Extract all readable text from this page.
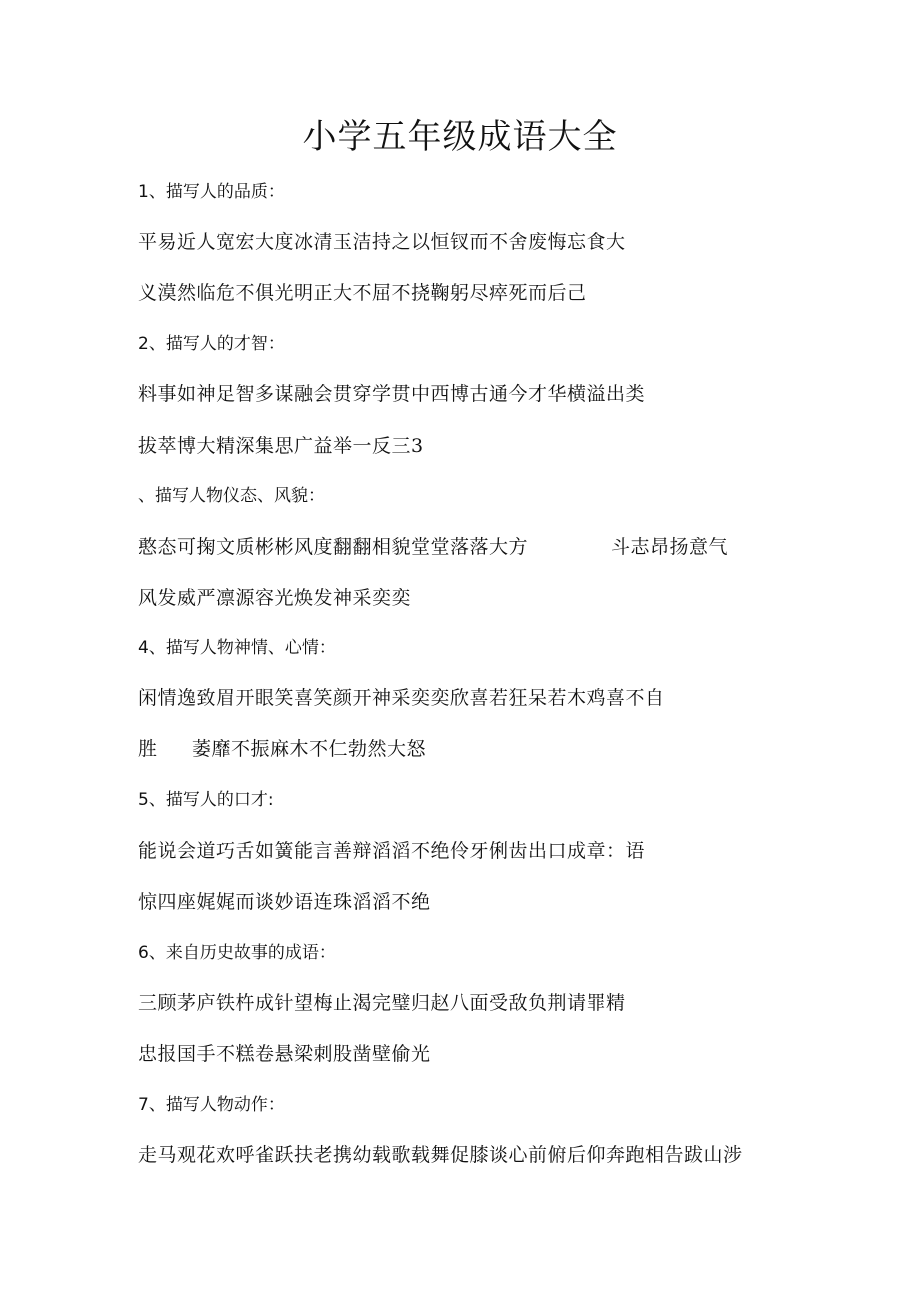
小学五年级成语大全
1、描写人的品质：
平易近人宽宏大度冰清玉洁持之以恒钗而不舍废悔忘食大
义漠然临危不俱光明正大不屈不挠鞠躬尽瘁死而后己
2、描写人的才智：
料事如神足智多谋融会贯穿学贯中西博古通今才华横溢出类
拔萃博大精深集思广益举一反三3
、描写人物仪态、风貌：
憨态可掬文质彬彬风度翻翻相貌堂堂落落大方	斗志昂扬意气
风发威严凛源容光焕发神采奕奕
4、描写人物神情、心情：
闲情逸致眉开眼笑喜笑颜开神采奕奕欣喜若狂呆若木鸡喜不自
胜 萎靡不振麻木不仁勃然大怒
5、描写人的口才:
能说会道巧舌如簧能言善辩滔滔不绝伶牙俐齿出口成章：语
惊四座娓娓而谈妙语连珠滔滔不绝
6、来自历史故事的成语：
三顾茅庐铁杵成针望梅止渴完璧归赵八面受敌负荆请罪精
忠报国手不糕卷悬梁刺股凿壁偷光
7、描写人物动作：
走马观花欢呼雀跃扶老携幼载歌载舞促膝谈心前俯后仰奔跑相告跋山涉
